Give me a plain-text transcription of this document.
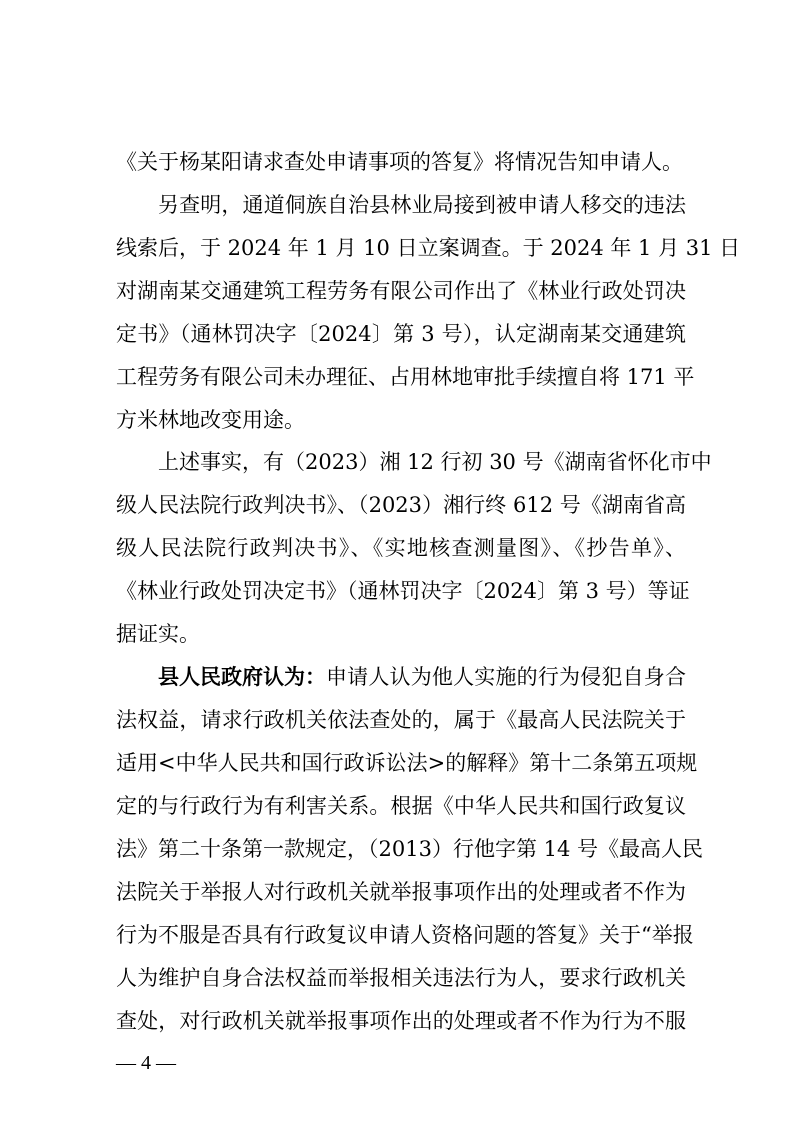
《关于杨某阳请求查处申请事项的答复》将情况告知申请人。
另查明，通道侗族自治县林业局接到被申请人移交的违法
线索后，于 2024 年 1 月 10 日立案调查。于 2024 年 1 月 31 日
对湖南某交通建筑工程劳务有限公司作出了《林业行政处罚决
定书》（通林罚决字〔2024〕第 3 号），认定湖南某交通建筑
工程劳务有限公司未办理征、占用林地审批手续擅自将 171 平
方米林地改变用途。
上述事实，有（2023）湘 12 行初 30 号《湖南省怀化市中
级人民法院行政判决书》、（2023）湘行终 612 号《湖南省高
级人民法院行政判决书》、《实地核查测量图》、《抄告单》、
《林业行政处罚决定书》（通林罚决字〔2024〕第 3 号）等证
据证实。
县人民政府认为： 申请人认为他人实施的行为侵犯自身合
法权益，请求行政机关依法查处的，属于《最高人民法院关于
适用<中华人民共和国行政诉讼法>的解释》第十二条第五项规
定的与行政行为有利害关系。根据《中华人民共和国行政复议
法》第二十条第一款规定，（2013）行他字第 14 号《最高人民
法院关于举报人对行政机关就举报事项作出的处理或者不作为
行为不服是否具有行政复议申请人资格问题的答复》关于“举报
人为维护自身合法权益而举报相关违法行为人，要求行政机关
— 4 —
查处，对行政机关就举报事项作出的处理或者不作为行为不服
